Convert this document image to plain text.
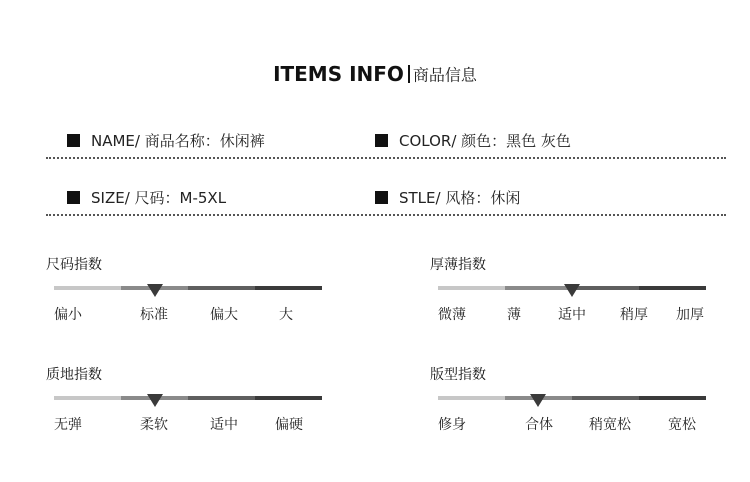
ITEMS INFO 商品信息
NAME/ 商品名称：休闲裤	COLOR/ 颜色：黑色 灰色
SIZE/ 尺码：M-5XL	STLE/ 风格：休闲
尺码指数
偏小	标准	偏大	大
厚薄指数
微薄	薄	适中 稍厚 加厚
质地指数
无弹	柔软	适中	偏硬
版型指数
修身	合体	稍宽松	宽松
